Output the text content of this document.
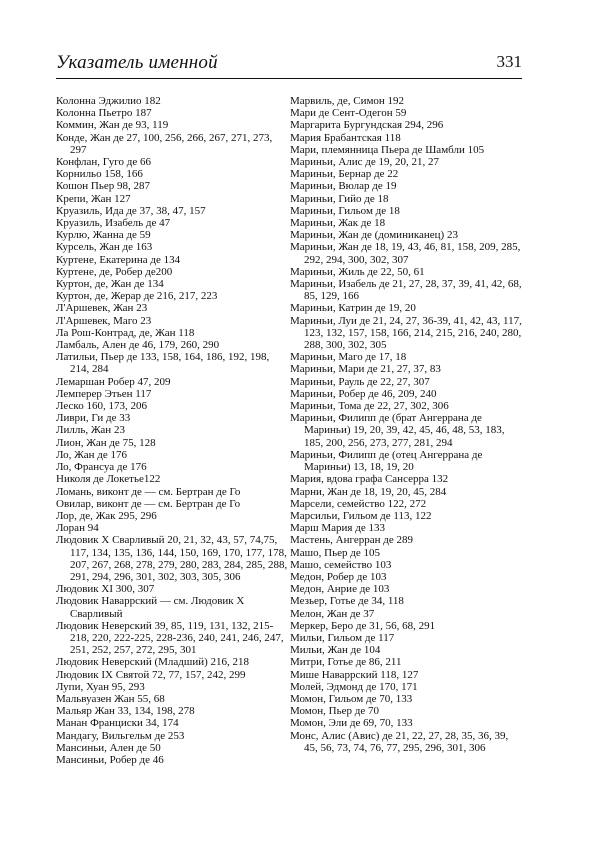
Указатель именной	331

Колонна Эджилио 182

Колонна Пьетро 187

Коммин, Жан де 93, 119

Конде, Жан де 27, 100, 256, 266, 267, 271, 273, 297

Конфлан, Гуго де 66

Корнильо 158, 166

Кошон Пьер 98, 287

Крепи, Жан 127

Круазиль, Ида де 37, 38, 47, 157

Круазиль, Изабель де 47

Курлю, Жанна де 59

Курсель, Жан де 163

Куртене, Екатерина де 134

Куртене, де, Робер де200

Куртон, де, Жан де 134

Куртон, де, Жерар де 216, 217, 223

Л'Аршевек, Жан 23

Л'Аршевек, Маго 23

Ла Рош-Контрад, де, Жан 118

Ламбаль, Ален де 46, 179, 260, 290

Латильи, Пьер де 133, 158, 164, 186, 192, 198, 214, 284

Лемаршан Робер 47, 209

Лемперер Этьен 117

Леско 160, 173, 206

Ливри, Ги де 33

Лилль, Жан 23

Лион, Жан де 75, 128

Ло, Жан де 176

Ло, Франсуа де 176

Николя де Локетье122

Ломань, виконт де — см. Бертран де Го

Овилар, виконт де — см. Бертран де Го

Лор, де, Жак 295, 296

Лоран 94

Людовик X Сварливый 20, 21, 32, 43, 57, 74,75, 117, 134, 135, 136, 144, 150, 169, 170, 177, 178, 207, 267, 268, 278, 279, 280, 283, 284, 285, 288, 291, 294, 296, 301, 302, 303, 305, 306

Людовик XI 300, 307

Людовик Наваррский — см. Людовик X Сварливый

Людовик Неверский 39, 85, 119, 131, 132, 215-218, 220, 222-225, 228-236, 240, 241, 246, 247, 251, 252, 257, 272, 295, 301

Людовик Неверский (Младший) 216, 218

Людовик IX Святой 72, 77, 157, 242, 299

Лупи, Хуан 95, 293

Мальвуазен Жан 55, 68

Мальяр Жан 33, 134, 198, 278

Манан Франциски 34, 174

Мандагу, Вильгельм де 253

Мансиньи, Ален де 50

Мансиньи, Робер де 46

Марвиль, де, Симон 192

Мари де Сент-Одегон 59

Маргарита Бургундская 294, 296

Мария Брабантская 118

Мари, племянница Пьера де Шамбли 105

Мариньи, Алис де 19, 20, 21, 27

Мариньи, Бернар де 22

Мариньи, Вюлар де 19

Мариньи, Гийо де 18

Мариньи, Гильом де 18

Мариньи, Жак де 18

Мариньи, Жан де (доминиканец) 23

Мариньи, Жан де 18, 19, 43, 46, 81, 158, 209, 285, 292, 294, 300, 302, 307

Мариньи, Жиль де 22, 50, 61

Мариньи, Изабель де 21, 27, 28, 37, 39, 41, 42, 68, 85, 129, 166

Мариньи, Катрин де 19, 20

Мариньи, Луи де 21, 24, 27, 36-39, 41, 42, 43, 117, 123, 132, 157, 158, 166, 214, 215, 216, 240, 280, 288, 300, 302, 305

Мариньи, Маго де 17, 18

Мариньи, Мари де 21, 27, 37, 83

Мариньи, Рауль де 22, 27, 307

Мариньи, Робер де 46, 209, 240

Мариньи, Тома де 22, 27, 302, 306

Мариньи, Филипп де (брат Ангеррана де Мариньи) 19, 20, 39, 42, 45, 46, 48, 53, 183, 185, 200, 256, 273, 277, 281, 294

Мариньи, Филипп де (отец Ангеррана де Мариньи) 13, 18, 19, 20

Мария, вдова графа Сансерра 132

Марни, Жан де 18, 19, 20, 45, 284

Марсели, семейство 122, 272

Марсильи, Гильом де 113, 122

Марш Мария де 133

Мастень, Ангерран де 289

Машо, Пьер де 105

Машо, семейство 103

Медон, Робер де 103

Медон, Анрие де 103

Мезьер, Готье де 34, 118

Мелон, Жан де 37

Меркер, Беро де 31, 56, 68, 291

Мильи, Гильом де 117

Мильи, Жан де 104

Митри, Готье де 86, 211

Мише Наваррский 118, 127

Молей, Эдмонд де 170, 171

Момон, Гильом де 70, 133

Момон, Пьер де 70

Момон, Эли де 69, 70, 133

Монс, Алис (Авис) де 21, 22, 27, 28, 35, 36, 39, 45, 56, 73, 74, 76, 77, 295, 296, 301, 306
